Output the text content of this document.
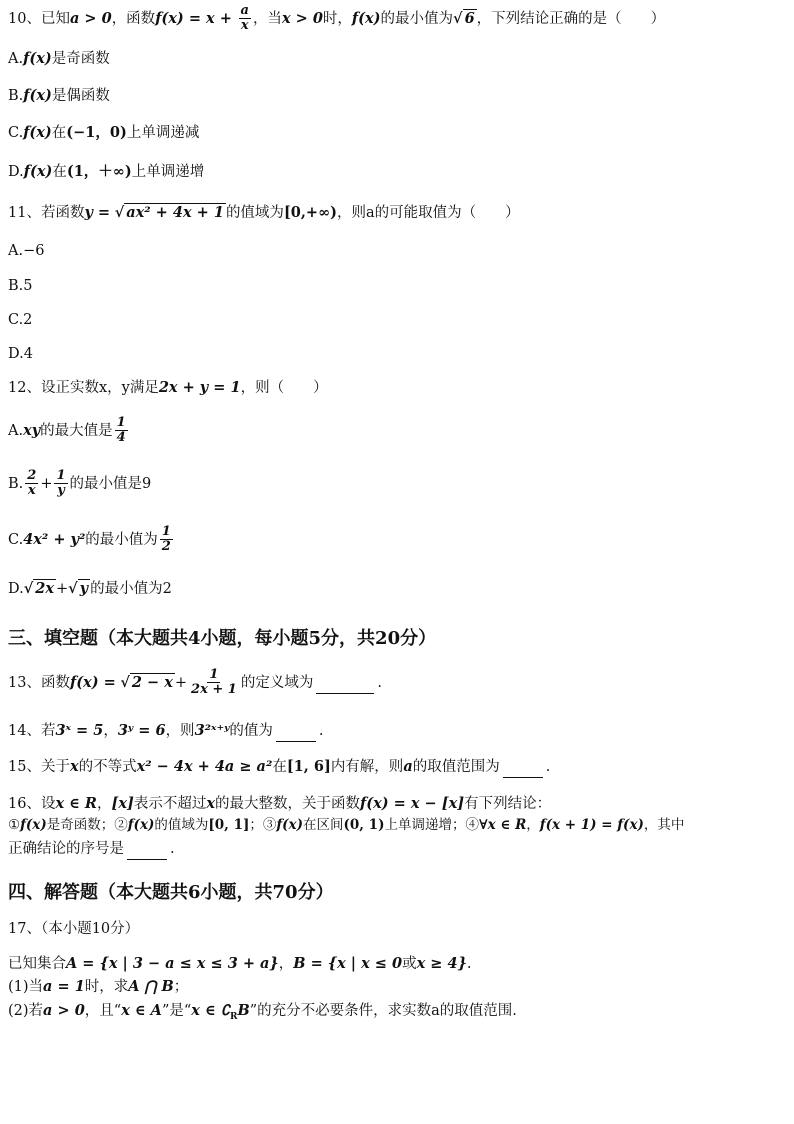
10、已知a > 0，函数$f(x) = x + \frac{a}{x}$ ，当x > 0时，f(x)的最小值为√ 6 ，下列结论正确的是（　　）
A.f(x)是奇函数
B.f(x)是偶函数
C.f(x)在(−1，0)上单调递减
D.f(x)在(1，＋∞)上单调递增
11、若函数y = √ ax² + 4x + 1 的值域为[0,+∞)，则a的可能取值为（　　）
A.−6
B.5
C.2
D.4
12、设正实数x，y满足2x + y = 1，则（　　）
A.xy的最大值是 $\frac{1}{4}$
B. $\frac{2}{x} + \frac{1}{y}$ 的最小值是9
C.4x² + y²的最小值为 $\frac{1}{2}$
D.√ 2x +√ y 的最小值为2
三、填空题（本大题共4小题，每小题5分，共20分）
13、函数f(x) = √ $2 - x + \frac{1}{2x + 1}$ 的定义域为	.
14、若3ˣ = 5，3ʸ = 6，则3²ˣ⁺ʸ的值为	.
15、关于x的不等式x² − 4x + 4a ≥ a²在[1, 6]内有解，则a的取值范围为	.
16、设x ∈ R，[x]表示不超过x的最大整数，关于函数f(x) = x − [x]有下列结论：
①f(x)是奇函数；②f(x)的值域为[0, 1]；③f(x)在区间(0, 1)上单调递增；④∀x ∈ R，f(x + 1) = f(x)，其中
正确结论的序号是	.
四、解答题（本大题共6小题，共70分）
17、（本小题10分）
已知集合A = {x | 3 − a ≤ x ≤ 3 + a}，B = {x | x ≤ 0或x ≥ 4}.
(1)当a = 1时，求A ⋂ B；
(2)若a > 0，且“x ∈ A”是“x ∈ $∁_RB$”的充分不必要条件，求实数a的取值范围.
